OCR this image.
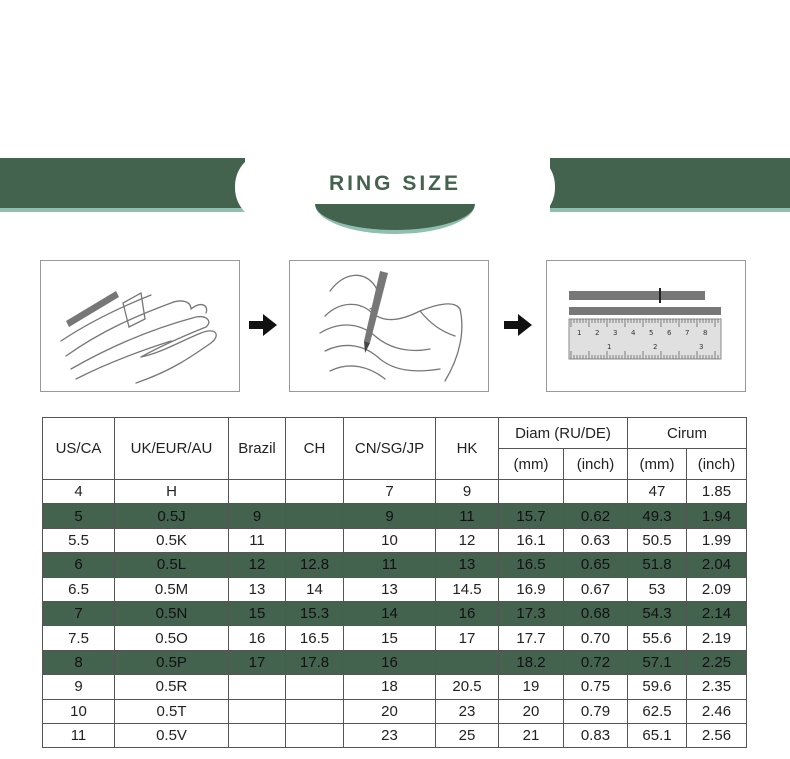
RING SIZE
1 2 3 4 5 6 7 8
1	2	3
US/CA	UK/EUR/AU	Brazil	CH	CN/SG/JP	HK	Diam (RU/DE)		Cirum	
						(mm)	(inch)	(mm)	(inch)
4	H			7	9			47	1.85
5	0.5J	9		9	11	15.7	0.62	49.3	1.94
5.5	0.5K	11		10	12	16.1	0.63	50.5	1.99
6	0.5L	12	12.8	11	13	16.5	0.65	51.8	2.04
6.5	0.5M	13	14	13	14.5	16.9	0.67	53	2.09
7	0.5N	15	15.3	14	16	17.3	0.68	54.3	2.14
7.5	0.5O	16	16.5	15	17	17.7	0.70	55.6	2.19
8	0.5P	17	17.8	16		18.2	0.72	57.1	2.25
9	0.5R			18	20.5	19	0.75	59.6	2.35
10	0.5T			20	23	20	0.79	62.5	2.46
11	0.5V			23	25	21	0.83	65.1	2.56
